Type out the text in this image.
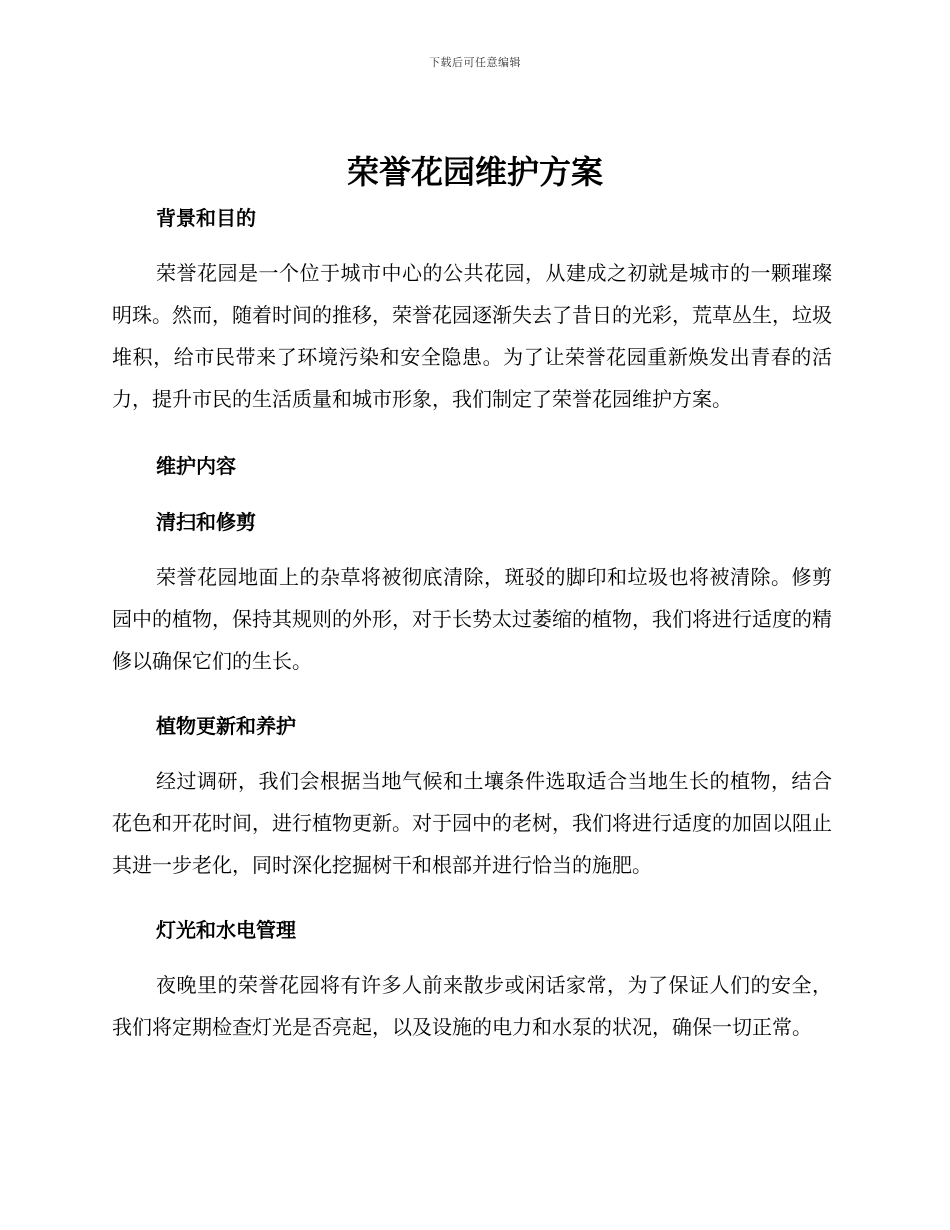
下载后可任意编辑
荣誉花园维护方案
背景和目的

荣誉花园是一个位于城市中心的公共花园，从建成之初就是城市的一颗璀璨明珠。然而，随着时间的推移，荣誉花园逐渐失去了昔日的光彩，荒草丛生，垃圾堆积，给市民带来了环境污染和安全隐患。为了让荣誉花园重新焕发出青春的活力，提升市民的生活质量和城市形象，我们制定了荣誉花园维护方案。

维护内容
清扫和修剪

荣誉花园地面上的杂草将被彻底清除，斑驳的脚印和垃圾也将被清除。修剪园中的植物，保持其规则的外形，对于长势太过萎缩的植物，我们将进行适度的精修以确保它们的生长。

植物更新和养护

经过调研，我们会根据当地气候和土壤条件选取适合当地生长的植物，结合花色和开花时间，进行植物更新。对于园中的老树，我们将进行适度的加固以阻止其进一步老化，同时深化挖掘树干和根部并进行恰当的施肥。

灯光和水电管理

夜晚里的荣誉花园将有许多人前来散步或闲话家常，为了保证人们的安全，我们将定期检查灯光是否亮起，以及设施的电力和水泵的状况，确保一切正常。
